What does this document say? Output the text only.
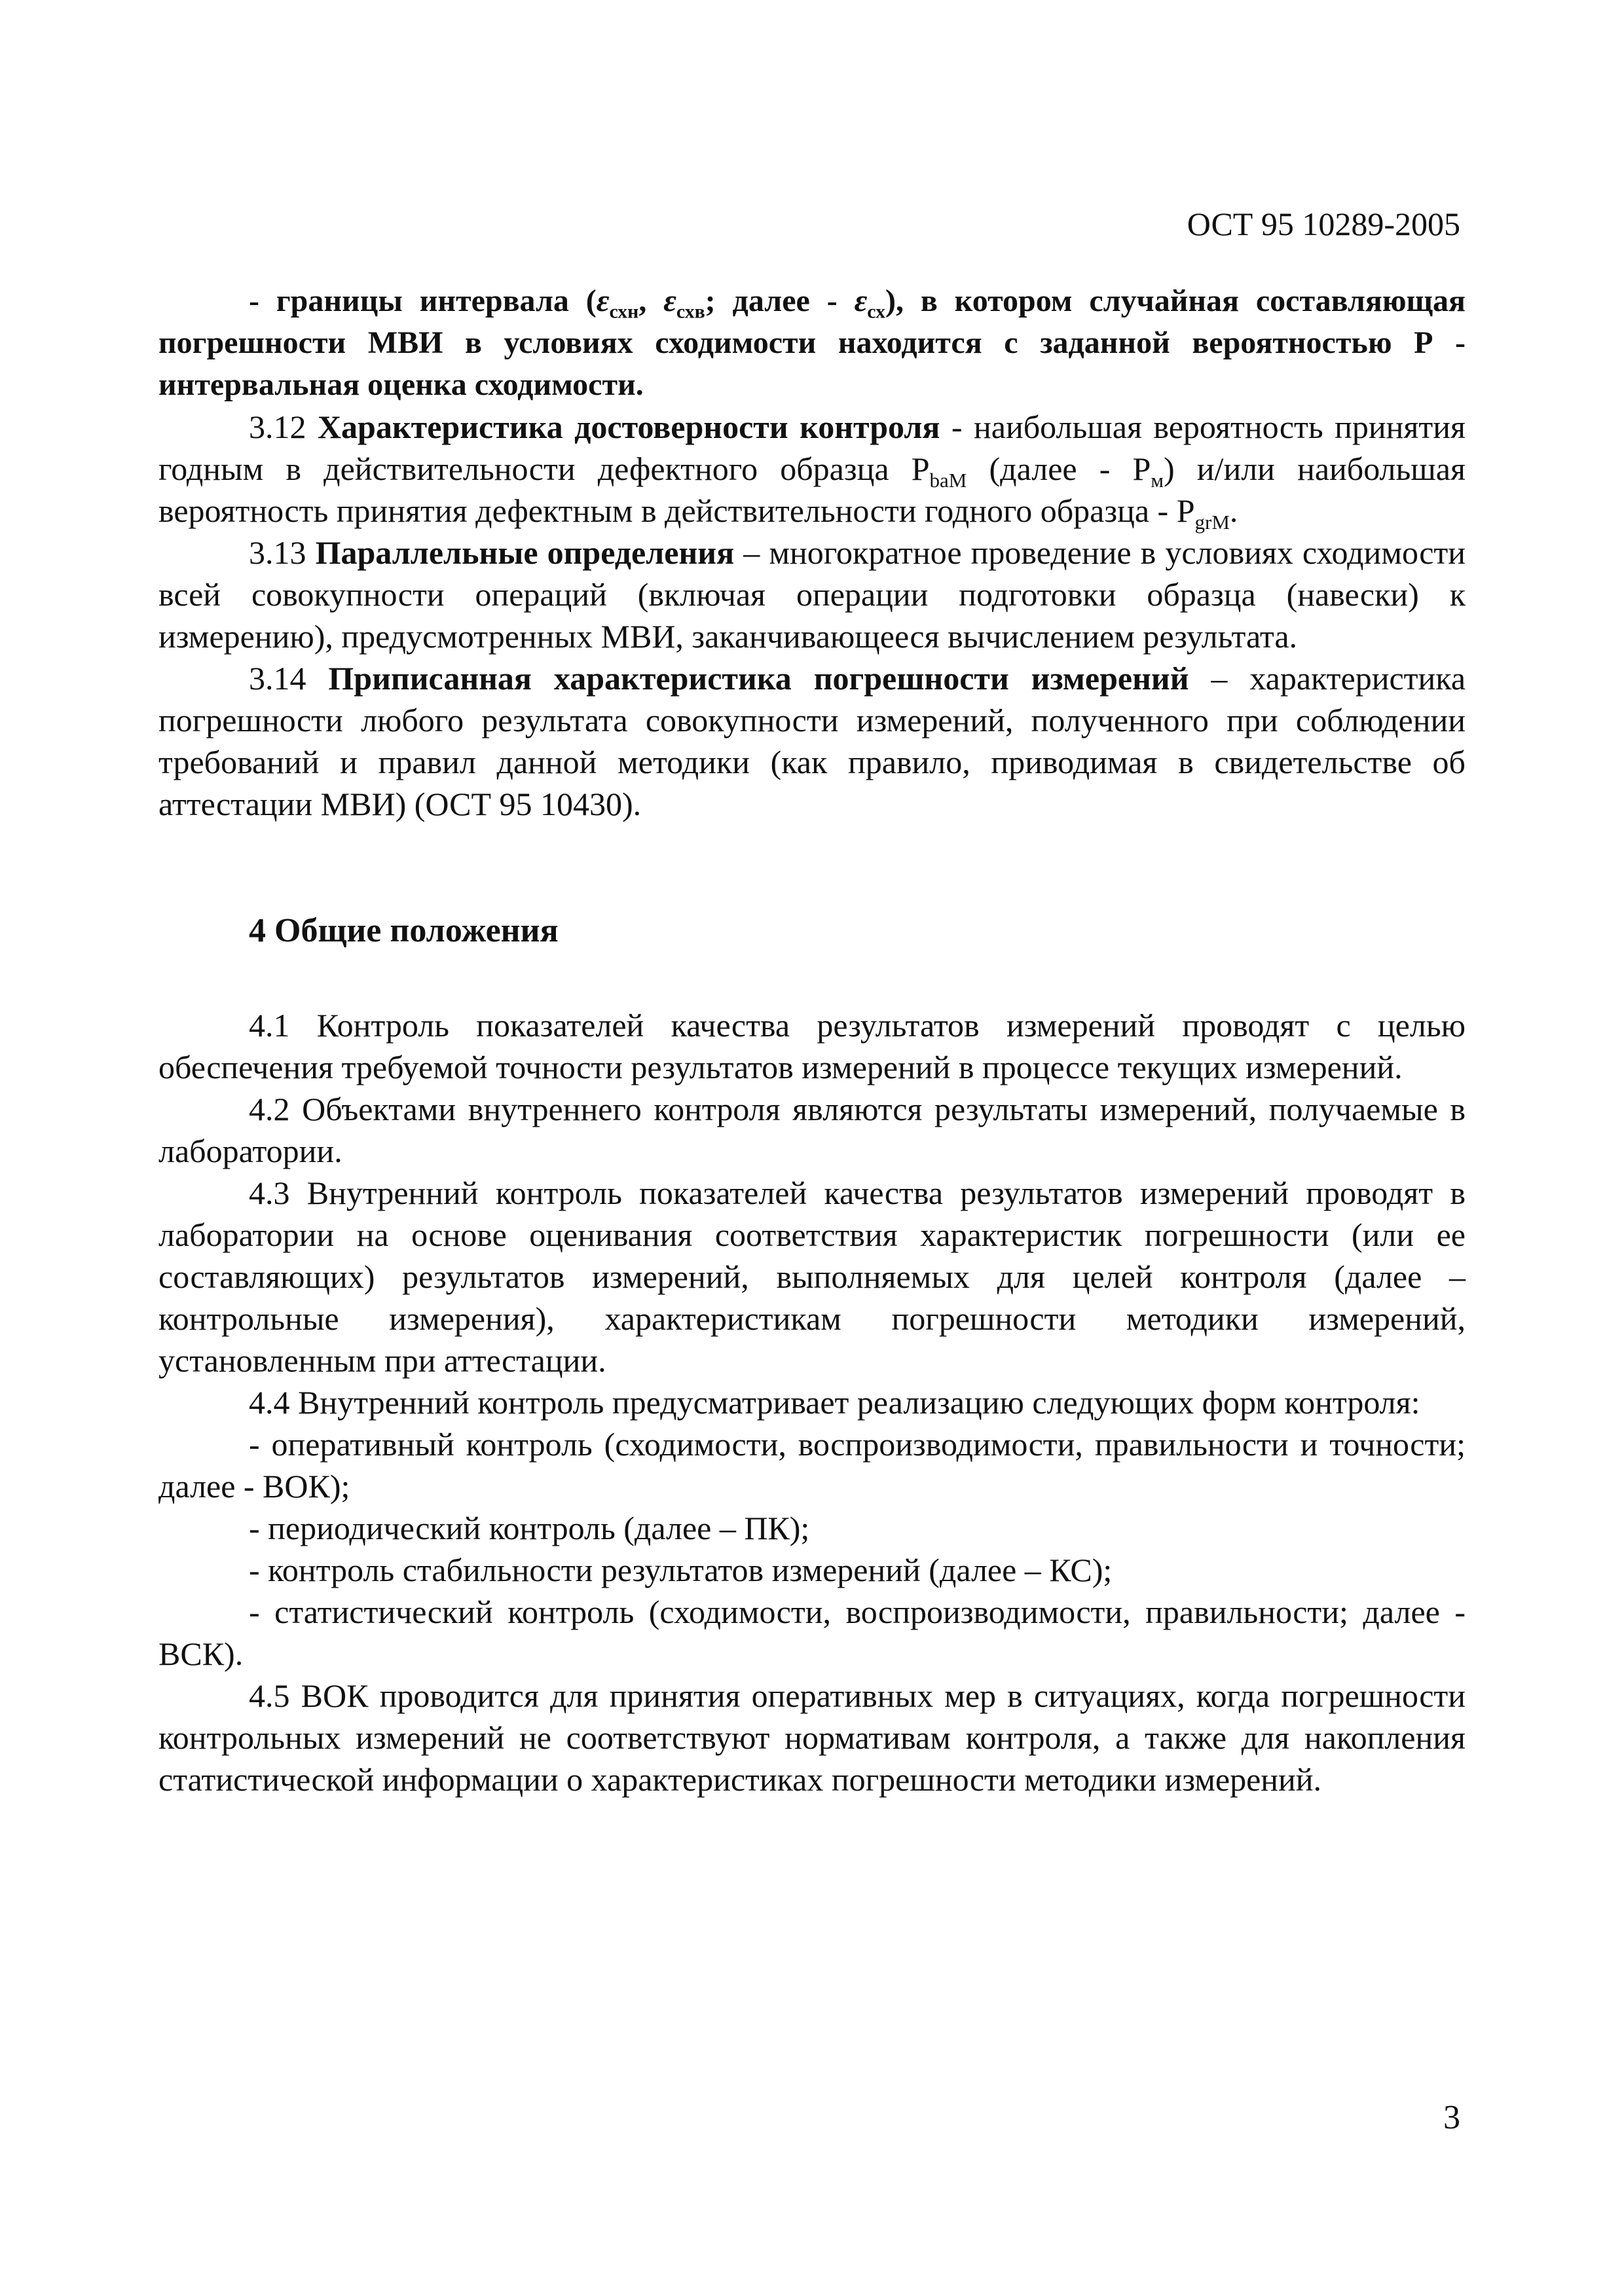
ОСТ 95 10289-2005

- границы интервала ($\varepsilon_{схн}$, $\varepsilon_{схв}$; далее - $\varepsilon_{сх}$), в котором случайная составляющая погрешности МВИ в условиях сходимости находится с заданной вероятностью Р - интервальная оценка сходимости.

3.12 Характеристика достоверности контроля - наибольшая вероятность принятия годным в действительности дефектного образца $P_{baM}$ (далее - $P_м$) и/или наибольшая вероятность принятия дефектным в действительности годного образца - $P_{grM}$.

3.13 Параллельные определения – многократное проведение в условиях сходимости всей совокупности операций (включая операции подготовки образца (навески) к измерению), предусмотренных МВИ, заканчивающееся вычислением результата.

3.14 Приписанная характеристика погрешности измерений – характеристика погрешности любого результата совокупности измерений, полученного при соблюдении требований и правил данной методики (как правило, приводимая в свидетельстве об аттестации МВИ) (ОСТ 95 10430).

4 Общие положения

4.1 Контроль показателей качества результатов измерений проводят с целью обеспечения требуемой точности результатов измерений в процессе текущих измерений.

4.2 Объектами внутреннего контроля являются результаты измерений, получаемые в лаборатории.

4.3 Внутренний контроль показателей качества результатов измерений проводят в лаборатории на основе оценивания соответствия характеристик погрешности (или ее составляющих) результатов измерений, выполняемых для целей контроля (далее – контрольные измерения), характеристикам погрешности методики измерений, установленным при аттестации.

4.4 Внутренний контроль предусматривает реализацию следующих форм контроля:

- оперативный контроль (сходимости, воспроизводимости, правильности и точности; далее - ВОК);

- периодический контроль (далее – ПК);

- контроль стабильности результатов измерений (далее – КС);

- статистический контроль (сходимости, воспроизводимости, правильности; далее - ВСК).

4.5 ВОК проводится для принятия оперативных мер в ситуациях, когда погрешности контрольных измерений не соответствуют нормативам контроля, а также для накопления статистической информации о характеристиках погрешности методики измерений.

3
